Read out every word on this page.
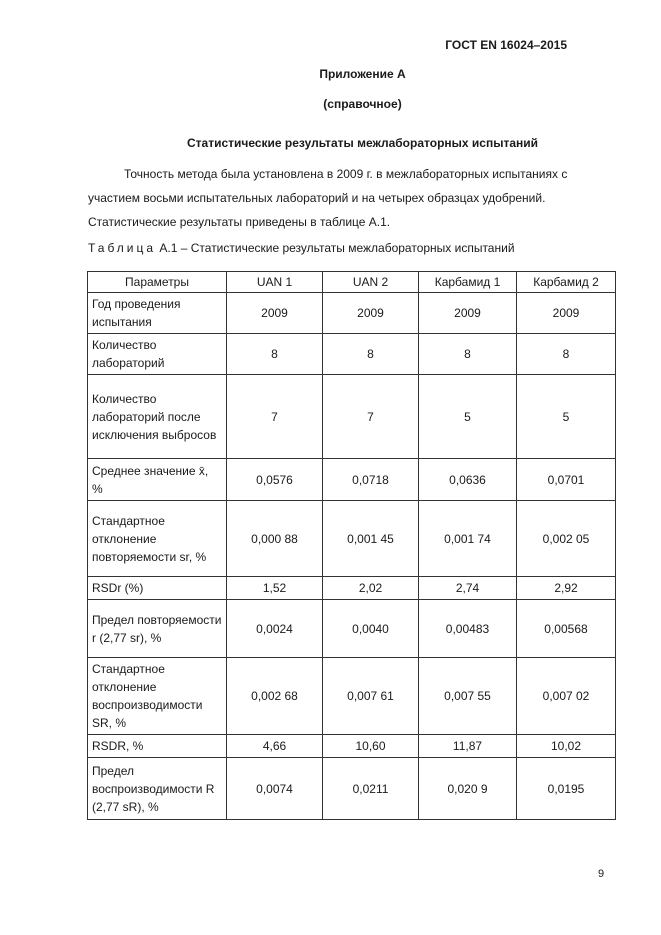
ГОСТ EN 16024–2015
Приложение А
(справочное)
Статистические результаты межлабораторных испытаний
Точность метода была установлена в 2009 г. в межлабораторных испытаниях с участием восьми испытательных лабораторий и на четырех образцах удобрений. Статистические результаты приведены в таблице А.1.
Таблица А.1 – Статистические результаты межлабораторных испытаний
Параметры	UAN 1	UAN 2	Карбамид 1	Карбамид 2
Год проведения испытания	2009	2009	2009	2009
Количество лабораторий	8	8	8	8
Количество лабораторий после исключения выбросов	7	7	5	5
Среднее значение x̄, %	0,0576	0,0718	0,0636	0,0701
Стандартное отклонение повторяемости sr, %	0,000 88	0,001 45	0,001 74	0,002 05
RSDr (%)	1,52	2,02	2,74	2,92
Предел повторяемости r (2,77 sr), %	0,0024	0,0040	0,00483	0,00568
Стандартное отклонение воспроизводимости SR, %	0,002 68	0,007 61	0,007 55	0,007 02
RSDR, %	4,66	10,60	11,87	10,02
Предел воспроизводимости R (2,77 sR), %	0,0074	0,0211	0,020 9	0,0195
9
